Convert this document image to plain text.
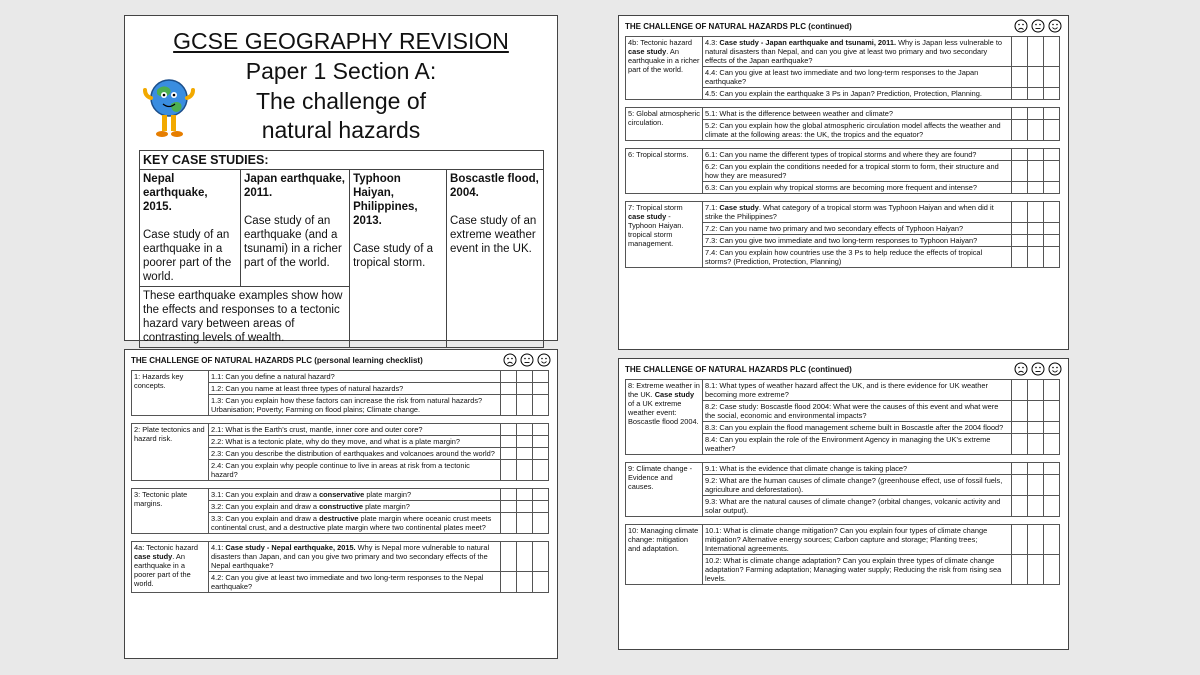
GCSE GEOGRAPHY REVISION
Paper 1 Section A:
The challenge of
natural hazards
KEY CASE STUDIES:

Nepal earthquake, 2015.
Case study of an earthquake in a poorer part of the world.	
Japan earthquake, 2011.
Case study of an earthquake (and a tsunami) in a richer part of the world.	
Typhoon Haiyan, Philippines, 2013.
Case study of a tropical storm.	
Boscastle flood, 2004.
Case study of an extreme weather event in the UK.
These earthquake examples show how the effects and responses to a tectonic hazard vary between areas of contrasting levels of wealth.
THE CHALLENGE OF NATURAL HAZARDS PLC (personal learning checklist)
1: Hazards key concepts.	1.1: Can you define a natural hazard?			
	1.2: Can you name at least three types of natural hazards?			
	1.3: Can you explain how these factors can increase the risk from natural hazards? Urbanisation; Poverty; Farming on flood plains; Climate change.			

2: Plate tectonics and hazard risk.	2.1: What is the Earth’s crust, mantle, inner core and outer core?			
	2.2: What is a tectonic plate, why do they move, and what is a plate margin?			
	2.3: Can you describe the distribution of earthquakes and volcanoes around the world?			
	2.4: Can you explain why people continue to live in areas at risk from a tectonic hazard?			

3: Tectonic plate margins.	3.1: Can you explain and draw a conservative plate margin?			
	3.2: Can you explain and draw a constructive plate margin?			
	3.3: Can you explain and draw a destructive plate margin where oceanic crust meets continental crust, and a destructive plate margin where two continental plates meet?			

4a: Tectonic hazard case study. An earthquake in a poorer part of the world.	4.1: Case study - Nepal earthquake, 2015. Why is Nepal more vulnerable to natural disasters than Japan, and can you give two primary and two secondary effects of the Nepal earthquake?			
	4.2: Can you give at least two immediate and two long-term responses to the Nepal earthquake?			
THE CHALLENGE OF NATURAL HAZARDS PLC (continued)
4b: Tectonic hazard case study. An earthquake in a richer part of the world.	4.3: Case study - Japan earthquake and tsunami, 2011. Why is Japan less vulnerable to natural disasters than Nepal, and can you give at least two primary and two secondary effects of the Japan earthquake?			
	4.4: Can you give at least two immediate and two long-term responses to the Japan earthquake?			
	4.5: Can you explain the earthquake 3 Ps in Japan? Prediction, Protection, Planning.			

5: Global atmospheric circulation.	5.1: What is the difference between weather and climate?			
	5.2: Can you explain how the global atmospheric circulation model affects the weather and climate at the following areas: the UK, the tropics and the equator?			

6: Tropical storms.	6.1: Can you name the different types of tropical storms and where they are found?			
	6.2: Can you explain the conditions needed for a tropical storm to form, their structure and how they are measured?			
	6.3: Can you explain why tropical storms are becoming more frequent and intense?			

7: Tropical storm case study - Typhoon Haiyan. tropical storm management.	7.1: Case study. What category of a tropical storm was Typhoon Haiyan and when did it strike the Philippines?			
	7.2: Can you name two primary and two secondary effects of Typhoon Haiyan?			
	7.3: Can you give two immediate and two long-term responses to Typhoon Haiyan?			
	7.4: Can you explain how countries use the 3 Ps to help reduce the effects of tropical storms? (Prediction, Protection, Planning)			
THE CHALLENGE OF NATURAL HAZARDS PLC (continued)
8: Extreme weather in the UK. Case study of a UK extreme weather event: Boscastle flood 2004.	8.1: What types of weather hazard affect the UK, and is there evidence for UK weather becoming more extreme?			
	8.2: Case study: Boscastle flood 2004: What were the causes of this event and what were the social, economic and environmental impacts?			
	8.3: Can you explain the flood management scheme built in Boscastle after the 2004 flood?			
	8.4: Can you explain the role of the Environment Agency in managing the UK’s extreme weather?			

9: Climate change - Evidence and causes.	9.1: What is the evidence that climate change is taking place?			
	9.2: What are the human causes of climate change? (greenhouse effect, use of fossil fuels, agriculture and deforestation).			
	9.3: What are the natural causes of climate change? (orbital changes, volcanic activity and solar output).			

10: Managing climate change: mitigation and adaptation.	10.1: What is climate change mitigation? Can you explain four types of climate change mitigation? Alternative energy sources; Carbon capture and storage; Planting trees; International agreements.			
	10.2: What is climate change adaptation? Can you explain three types of climate change adaptation? Farming adaptation; Managing water supply; Reducing the risk from rising sea levels.			
